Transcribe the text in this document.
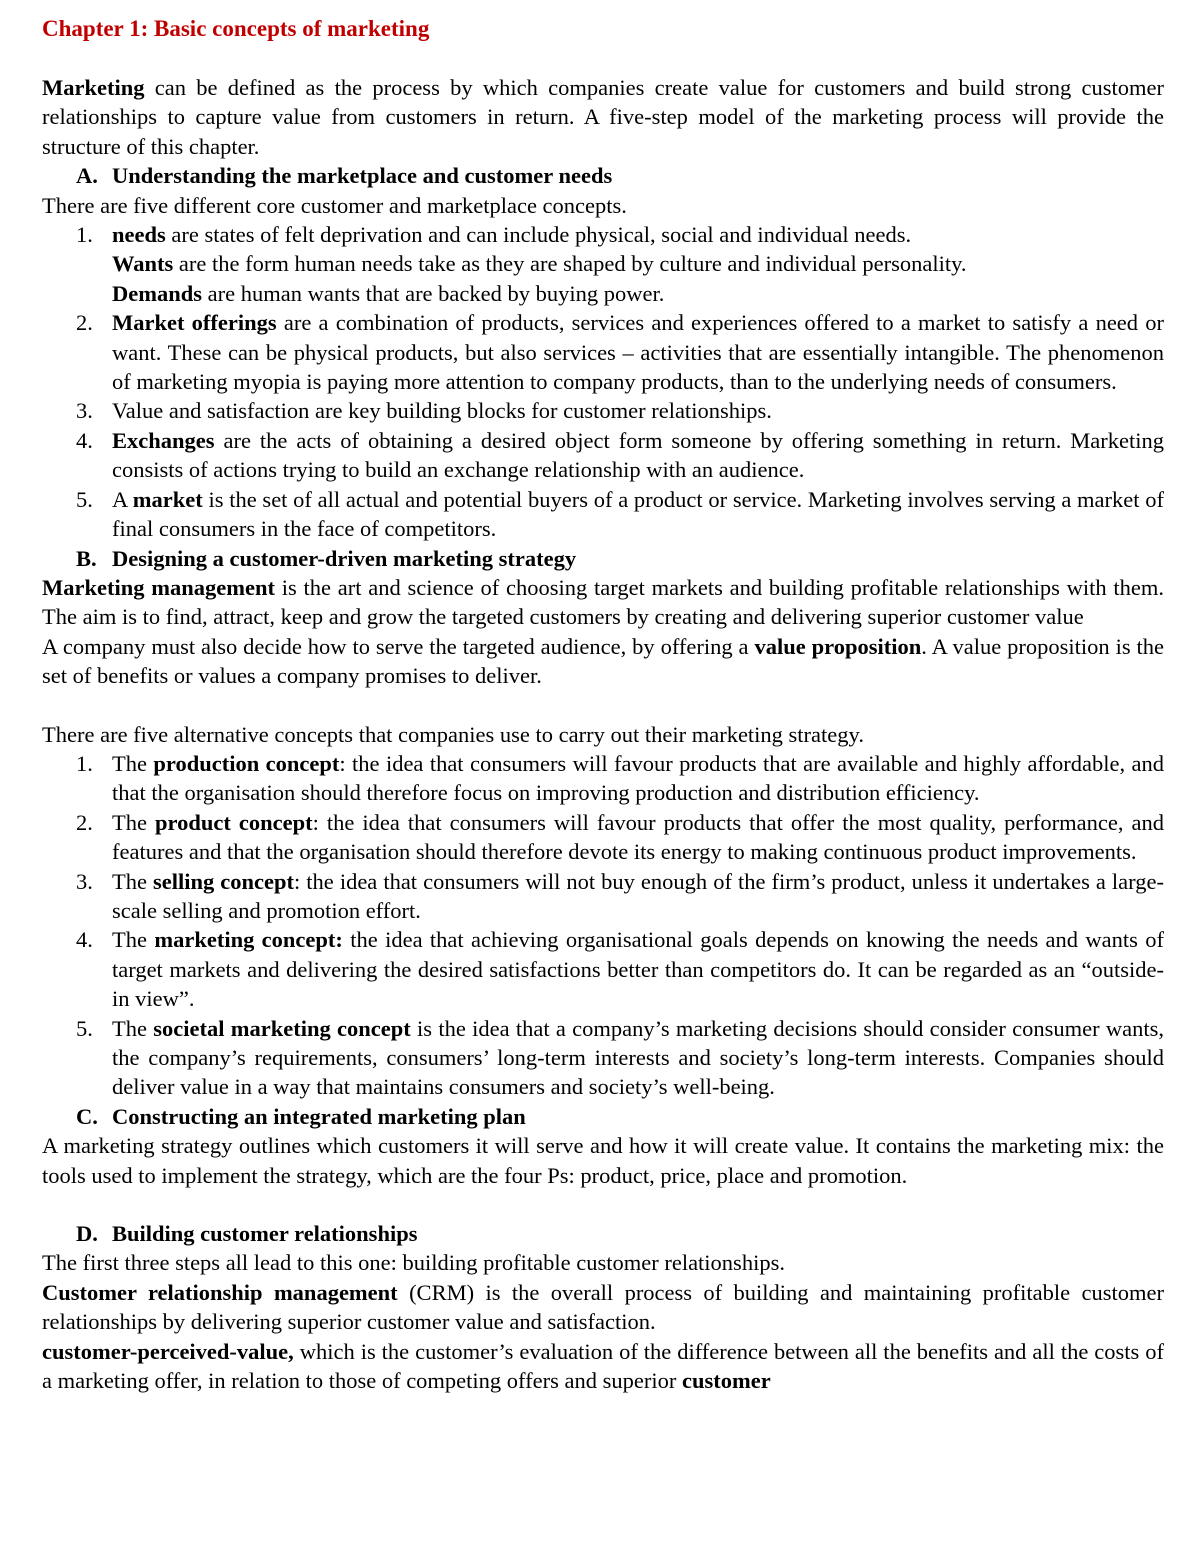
Chapter 1: Basic concepts of marketing

Marketing can be defined as the process by which companies create value for customers and build strong customer relationships to capture value from customers in return. A five-step model of the marketing process will provide the structure of this chapter.

A. Understanding the marketplace and customer needs

There are five different core customer and marketplace concepts.

1. needs are states of felt deprivation and can include physical, social and individual needs.
Wants are the form human needs take as they are shaped by culture and individual personality.
Demands are human wants that are backed by buying power.
2. Market offerings are a combination of products, services and experiences offered to a market to satisfy a need or want. These can be physical products, but also services – activities that are essentially intangible. The phenomenon of marketing myopia is paying more attention to company products, than to the underlying needs of consumers.
3. Value and satisfaction are key building blocks for customer relationships.
4. Exchanges are the acts of obtaining a desired object form someone by offering something in return. Marketing consists of actions trying to build an exchange relationship with an audience.
5. A market is the set of all actual and potential buyers of a product or service. Marketing involves serving a market of final consumers in the face of competitors.
B. Designing a customer-driven marketing strategy

Marketing management is the art and science of choosing target markets and building profitable relationships with them. The aim is to find, attract, keep and grow the targeted customers by creating and delivering superior customer value

A company must also decide how to serve the targeted audience, by offering a value proposition. A value proposition is the set of benefits or values a company promises to deliver.

There are five alternative concepts that companies use to carry out their marketing strategy.

1. The production concept: the idea that consumers will favour products that are available and highly affordable, and that the organisation should therefore focus on improving production and distribution efficiency.
2. The product concept: the idea that consumers will favour products that offer the most quality, performance, and features and that the organisation should therefore devote its energy to making continuous product improvements.
3. The selling concept: the idea that consumers will not buy enough of the firm’s product, unless it undertakes a large-scale selling and promotion effort.
4. The marketing concept: the idea that achieving organisational goals depends on knowing the needs and wants of target markets and delivering the desired satisfactions better than competitors do. It can be regarded as an “outside-in view”.
5. The societal marketing concept is the idea that a company’s marketing decisions should consider consumer wants, the company’s requirements, consumers’ long-term interests and society’s long-term interests. Companies should deliver value in a way that maintains consumers and society’s well-being.
C. Constructing an integrated marketing plan

A marketing strategy outlines which customers it will serve and how it will create value. It contains the marketing mix: the tools used to implement the strategy, which are the four Ps: product, price, place and promotion.

D. Building customer relationships

The first three steps all lead to this one: building profitable customer relationships.

Customer relationship management (CRM) is the overall process of building and maintaining profitable customer relationships by delivering superior customer value and satisfaction.

customer-perceived-value, which is the customer’s evaluation of the difference between all the benefits and all the costs of a marketing offer, in relation to those of competing offers and superior customer
